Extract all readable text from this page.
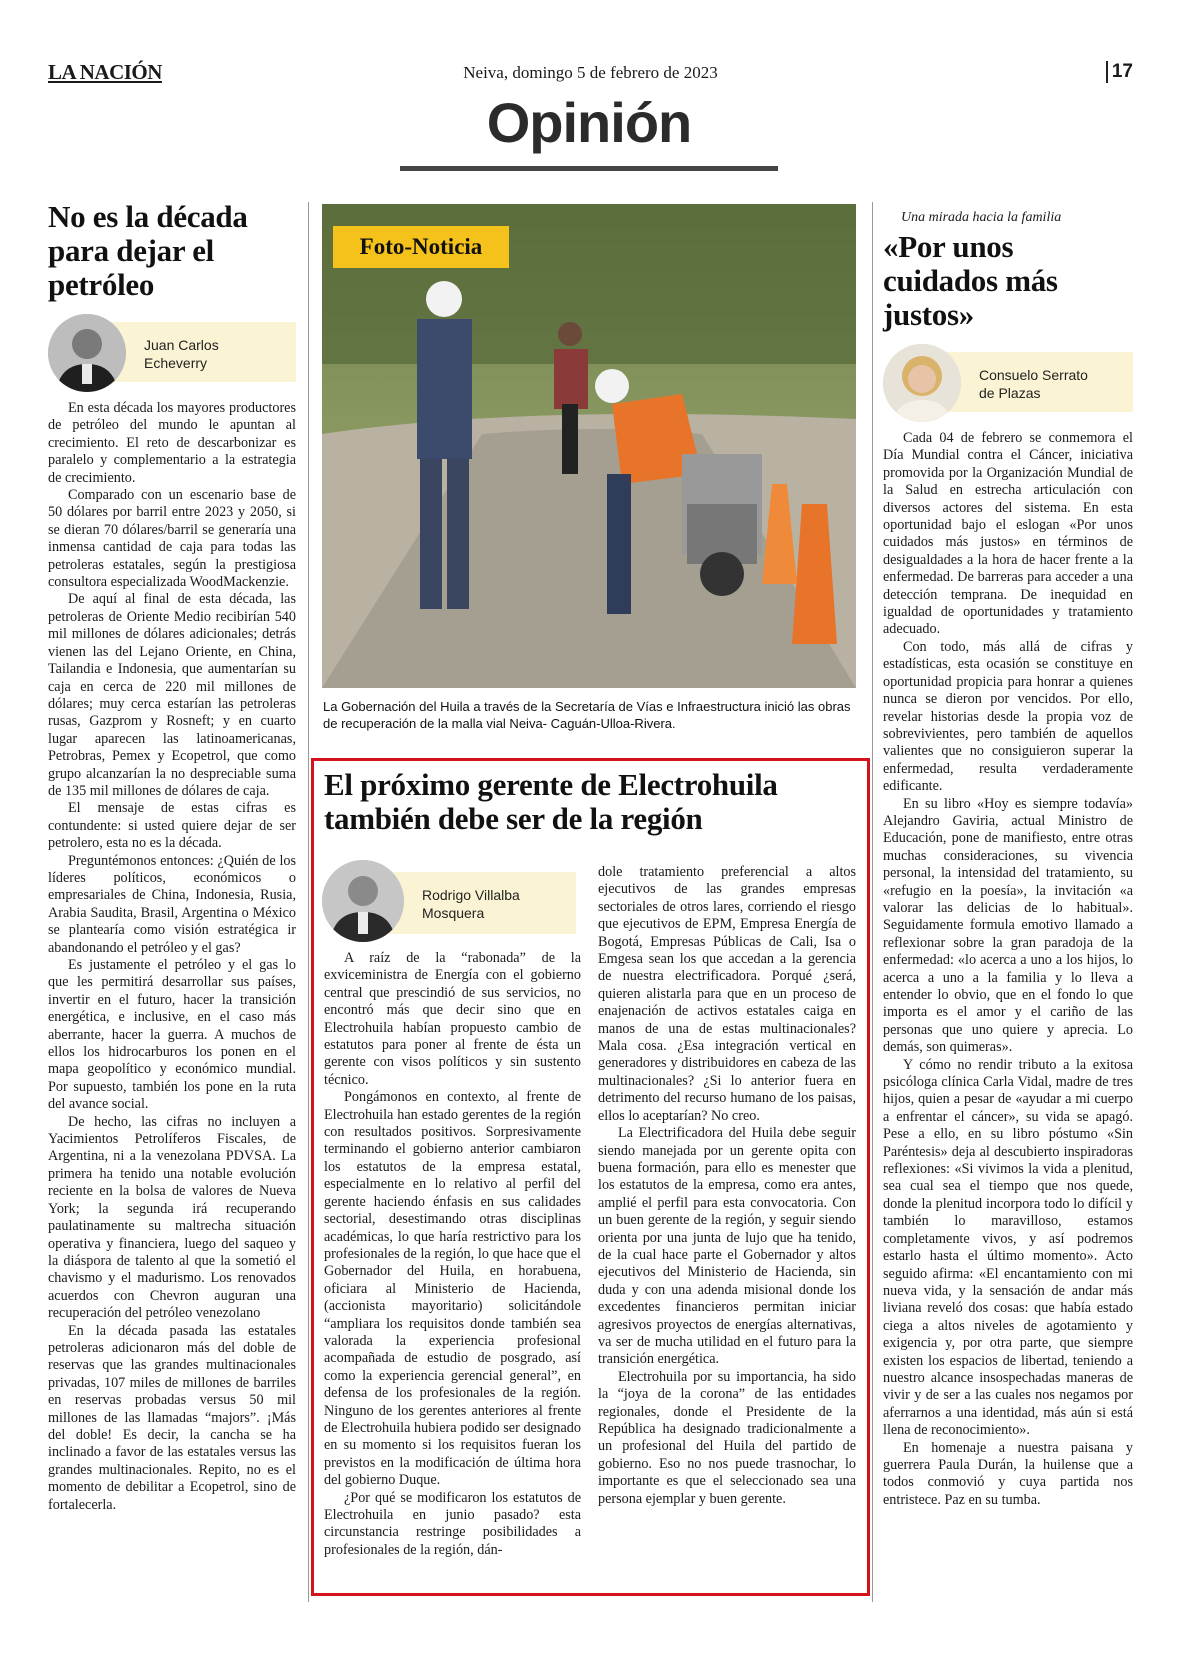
LA NACIÓN	Neiva, domingo 5 de febrero de 2023	17
Opinión
No es la década para dejar el petróleo
Juan Carlos
Echeverry

En esta década los mayores productores de petróleo del mundo le apuntan al crecimiento. El reto de descarbonizar es paralelo y complementario a la estrategia de crecimiento.

Comparado con un escenario base de 50 dólares por barril entre 2023 y 2050, si se dieran 70 dólares/barril se generaría una inmensa cantidad de caja para todas las petroleras estatales, según la prestigiosa consultora especializada WoodMackenzie.

De aquí al final de esta década, las petroleras de Oriente Medio recibirían 540 mil millones de dólares adicionales; detrás vienen las del Lejano Oriente, en China, Tailandia e Indonesia, que aumentarían su caja en cerca de 220 mil millones de dólares; muy cerca estarían las petroleras rusas, Gazprom y Rosneft; y en cuarto lugar aparecen las latinoamericanas, Petrobras, Pemex y Ecopetrol, que como grupo alcanzarían la no despreciable suma de 135 mil millones de dólares de caja.

El mensaje de estas cifras es contundente: si usted quiere dejar de ser petrolero, esta no es la década.

Preguntémonos entonces: ¿Quién de los líderes políticos, económicos o empresariales de China, Indonesia, Rusia, Arabia Saudita, Brasil, Argentina o México se plantearía como visión estratégica ir abandonando el petróleo y el gas?

Es justamente el petróleo y el gas lo que les permitirá desarrollar sus países, invertir en el futuro, hacer la transición energética, e inclusive, en el caso más aberrante, hacer la guerra. A muchos de ellos los hidrocarburos los ponen en el mapa geopolítico y económico mundial. Por supuesto, también los pone en la ruta del avance social.

De hecho, las cifras no incluyen a Yacimientos Petrolíferos Fiscales, de Argentina, ni a la venezolana PDVSA. La primera ha tenido una notable evolución reciente en la bolsa de valores de Nueva York; la segunda irá recuperando paulatinamente su maltrecha situación operativa y financiera, luego del saqueo y la diáspora de talento al que la sometió el chavismo y el madurismo. Los renovados acuerdos con Chevron auguran una recuperación del petróleo venezolano

En la década pasada las estatales petroleras adicionaron más del doble de reservas que las grandes multinacionales privadas, 107 miles de millones de barriles en reservas probadas versus 50 mil millones de las llamadas “majors”. ¡Más del doble! Es decir, la cancha se ha inclinado a favor de las estatales versus las grandes multinacionales. Repito, no es el momento de debilitar a Ecopetrol, sino de fortalecerla.

Foto-Noticia
La Gobernación del Huila a través de la Secretaría de Vías e Infraestructura inició las obras de recuperación de la malla vial Neiva- Caguán-Ulloa-Rivera.
El próximo gerente de Electrohuila también debe ser de la región
Rodrigo Villalba
Mosquera

A raíz de la “rabonada” de la exviceministra de Energía con el gobierno central que prescindió de sus servicios, no encontró más que decir sino que en Electrohuila habían propuesto cambio de estatutos para poner al frente de ésta un gerente con visos políticos y sin sustento técnico.

Pongámonos en contexto, al frente de Electrohuila han estado gerentes de la región con resultados positivos. Sorpresivamente terminando el gobierno anterior cambiaron los estatutos de la empresa estatal, especialmente en lo relativo al perfil del gerente haciendo énfasis en sus calidades sectorial, desestimando otras disciplinas académicas, lo que haría restrictivo para los profesionales de la región, lo que hace que el Gobernador del Huila, en horabuena, oficiara al Ministerio de Hacienda, (accionista mayoritario) solicitándole “ampliara los requisitos donde también sea valorada la experiencia profesional acompañada de estudio de posgrado, así como la experiencia gerencial general”, en defensa de los profesionales de la región. Ninguno de los gerentes anteriores al frente de Electrohuila hubiera podido ser designado en su momento si los requisitos fueran los previstos en la modificación de última hora del gobierno Duque.

¿Por qué se modificaron los estatutos de Electrohuila en junio pasado? esta circunstancia restringe posibilidades a profesionales de la región, dán-

dole tratamiento preferencial a altos ejecutivos de las grandes empresas sectoriales de otros lares, corriendo el riesgo que ejecutivos de EPM, Empresa Energía de Bogotá, Empresas Públicas de Cali, Isa o Emgesa sean los que accedan a la gerencia de nuestra electrificadora. Porqué ¿será, quieren alistarla para que en un proceso de enajenación de activos estatales caiga en manos de una de estas multinacionales? Mala cosa. ¿Esa integración vertical en generadores y distribuidores en cabeza de las multinacionales? ¿Si lo anterior fuera en detrimento del recurso humano de los paisas, ellos lo aceptarían? No creo.

La Electrificadora del Huila debe seguir siendo manejada por un gerente opita con buena formación, para ello es menester que los estatutos de la empresa, como era antes, amplié el perfil para esta convocatoria. Con un buen gerente de la región, y seguir siendo orienta por una junta de lujo que ha tenido, de la cual hace parte el Gobernador y altos ejecutivos del Ministerio de Hacienda, sin duda y con una adenda misional donde los excedentes financieros permitan iniciar agresivos proyectos de energías alternativas, va ser de mucha utilidad en el futuro para la transición energética.

Electrohuila por su importancia, ha sido la “joya de la corona” de las entidades regionales, donde el Presidente de la República ha designado tradicionalmente a un profesional del Huila del partido de gobierno. Eso no nos puede trasnochar, lo importante es que el seleccionado sea una persona ejemplar y buen gerente.

Una mirada hacia la familia
«Por unos cuidados más justos»
Consuelo Serrato
de Plazas

Cada 04 de febrero se conmemora el Día Mundial contra el Cáncer, iniciativa promovida por la Organización Mundial de la Salud en estrecha articulación con diversos actores del sistema. En esta oportunidad bajo el eslogan «Por unos cuidados más justos» en términos de desigualdades a la hora de hacer frente a la enfermedad. De barreras para acceder a una detección temprana. De inequidad en igualdad de oportunidades y tratamiento adecuado.

Con todo, más allá de cifras y estadísticas, esta ocasión se constituye en oportunidad propicia para honrar a quienes nunca se dieron por vencidos. Por ello, revelar historias desde la propia voz de sobrevivientes, pero también de aquellos valientes que no consiguieron superar la enfermedad, resulta verdaderamente edificante.

En su libro «Hoy es siempre todavía» Alejandro Gaviria, actual Ministro de Educación, pone de manifiesto, entre otras muchas consideraciones, su vivencia personal, la intensidad del tratamiento, su «refugio en la poesía», la invitación «a valorar las delicias de lo habitual». Seguidamente formula emotivo llamado a reflexionar sobre la gran paradoja de la enfermedad: «lo acerca a uno a los hijos, lo acerca a uno a la familia y lo lleva a entender lo obvio, que en el fondo lo que importa es el amor y el cariño de las personas que uno quiere y aprecia. Lo demás, son quimeras».

Y cómo no rendir tributo a la exitosa psicóloga clínica Carla Vidal, madre de tres hijos, quien a pesar de «ayudar a mi cuerpo a enfrentar el cáncer», su vida se apagó. Pese a ello, en su libro póstumo «Sin Paréntesis» deja al descubierto inspiradoras reflexiones: «Si vivimos la vida a plenitud, sea cual sea el tiempo que nos quede, donde la plenitud incorpora todo lo difícil y también lo maravilloso, estamos completamente vivos, y así podremos estarlo hasta el último momento». Acto seguido afirma: «El encantamiento con mi nueva vida, y la sensación de andar más liviana reveló dos cosas: que había estado ciega a altos niveles de agotamiento y exigencia y, por otra parte, que siempre existen los espacios de libertad, teniendo a nuestro alcance insospechadas maneras de vivir y de ser a las cuales nos negamos por aferrarnos a una identidad, más aún si está llena de reconocimiento».

En homenaje a nuestra paisana y guerrera Paula Durán, la huilense que a todos conmovió y cuya partida nos entristece. Paz en su tumba.
